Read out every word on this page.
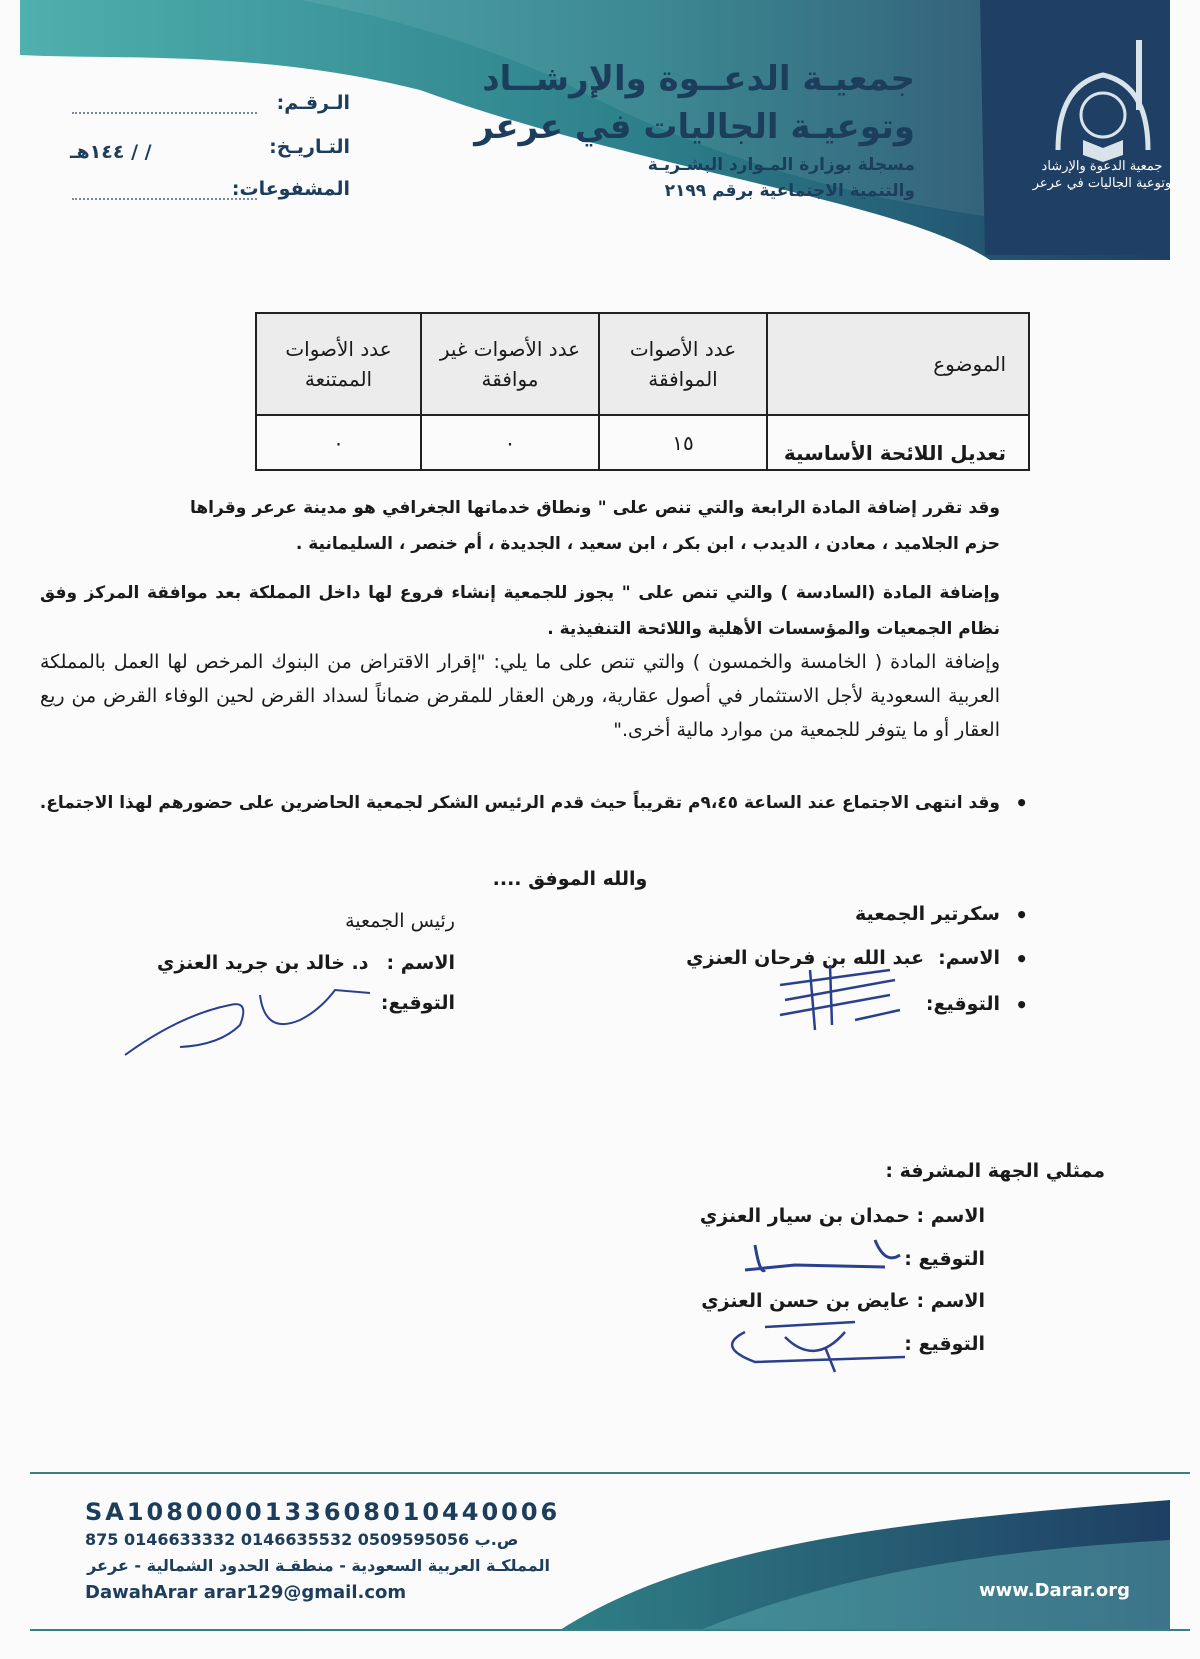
جمعية الدعوة والإرشاد
وتوعية الجاليات في عرعر
جمعيـة الدعــوة والإرشــاد
وتوعيـة الجاليات في عرعر
مسجلة بوزارة المـوارد البشـريـة
والتنمية الاجتماعية برقم ٢١٩٩
الـرقـم:
التـاريـخ:
/ / ١٤٤هـ
المشفوعات:
الموضوع	عدد الأصوات الموافقة	عدد الأصوات غير موافقة	عدد الأصوات الممتنعة
تعديل اللائحة الأساسية	١٥	٠	٠
وقد تقرر إضافة المادة الرابعة والتي تنص على " ونطاق خدماتها الجغرافي هو مدينة عرعر وقراها حزم الجلاميد ، معادن ، الديدب ، ابن بكر ، ابن سعيد ، الجديدة ، أم خنصر ، السليمانية .
وإضافة المادة (السادسة ) والتي تنص على " يجوز للجمعية إنشاء فروع لها داخل المملكة بعد موافقة المركز وفق نظام الجمعيات والمؤسسات الأهلية واللائحة التنفيذية .
وإضافة المادة ( الخامسة والخمسون ) والتي تنص على ما يلي: "إقرار الاقتراض من البنوك المرخص لها العمل بالمملكة العربية السعودية لأجل الاستثمار في أصول عقارية، ورهن العقار للمقرض ضماناً لسداد القرض لحين الوفاء القرض من ريع العقار أو ما يتوفر للجمعية من موارد مالية أخرى."
• وقد انتهى الاجتماع عند الساعة ٩،٤٥م تقريباً حيث قدم الرئيس الشكر لجمعية الحاضرين على حضورهم لهذا الاجتماع.
والله الموفق ....
• سكرتير الجمعية
• الاسم:
عبد الله بن فرحان العنزي
• التوقيع:
رئيس الجمعية
الاسم :
د. خالد بن جريد العنزي
التوقيع:
ممثلي الجهة المشرفة :
الاسم : حمدان بن سيار العنزي
التوقيع :
الاسم : عايض بن حسن العنزي
التوقيع :
SA1080000133608010440006
875 ص.ب 0509595056 0146635532 0146633332
المملكـة العربية السعودية - منطقـة الحدود الشمالية - عرعر
DawahArar arar129@gmail.com	www.Darar.org
